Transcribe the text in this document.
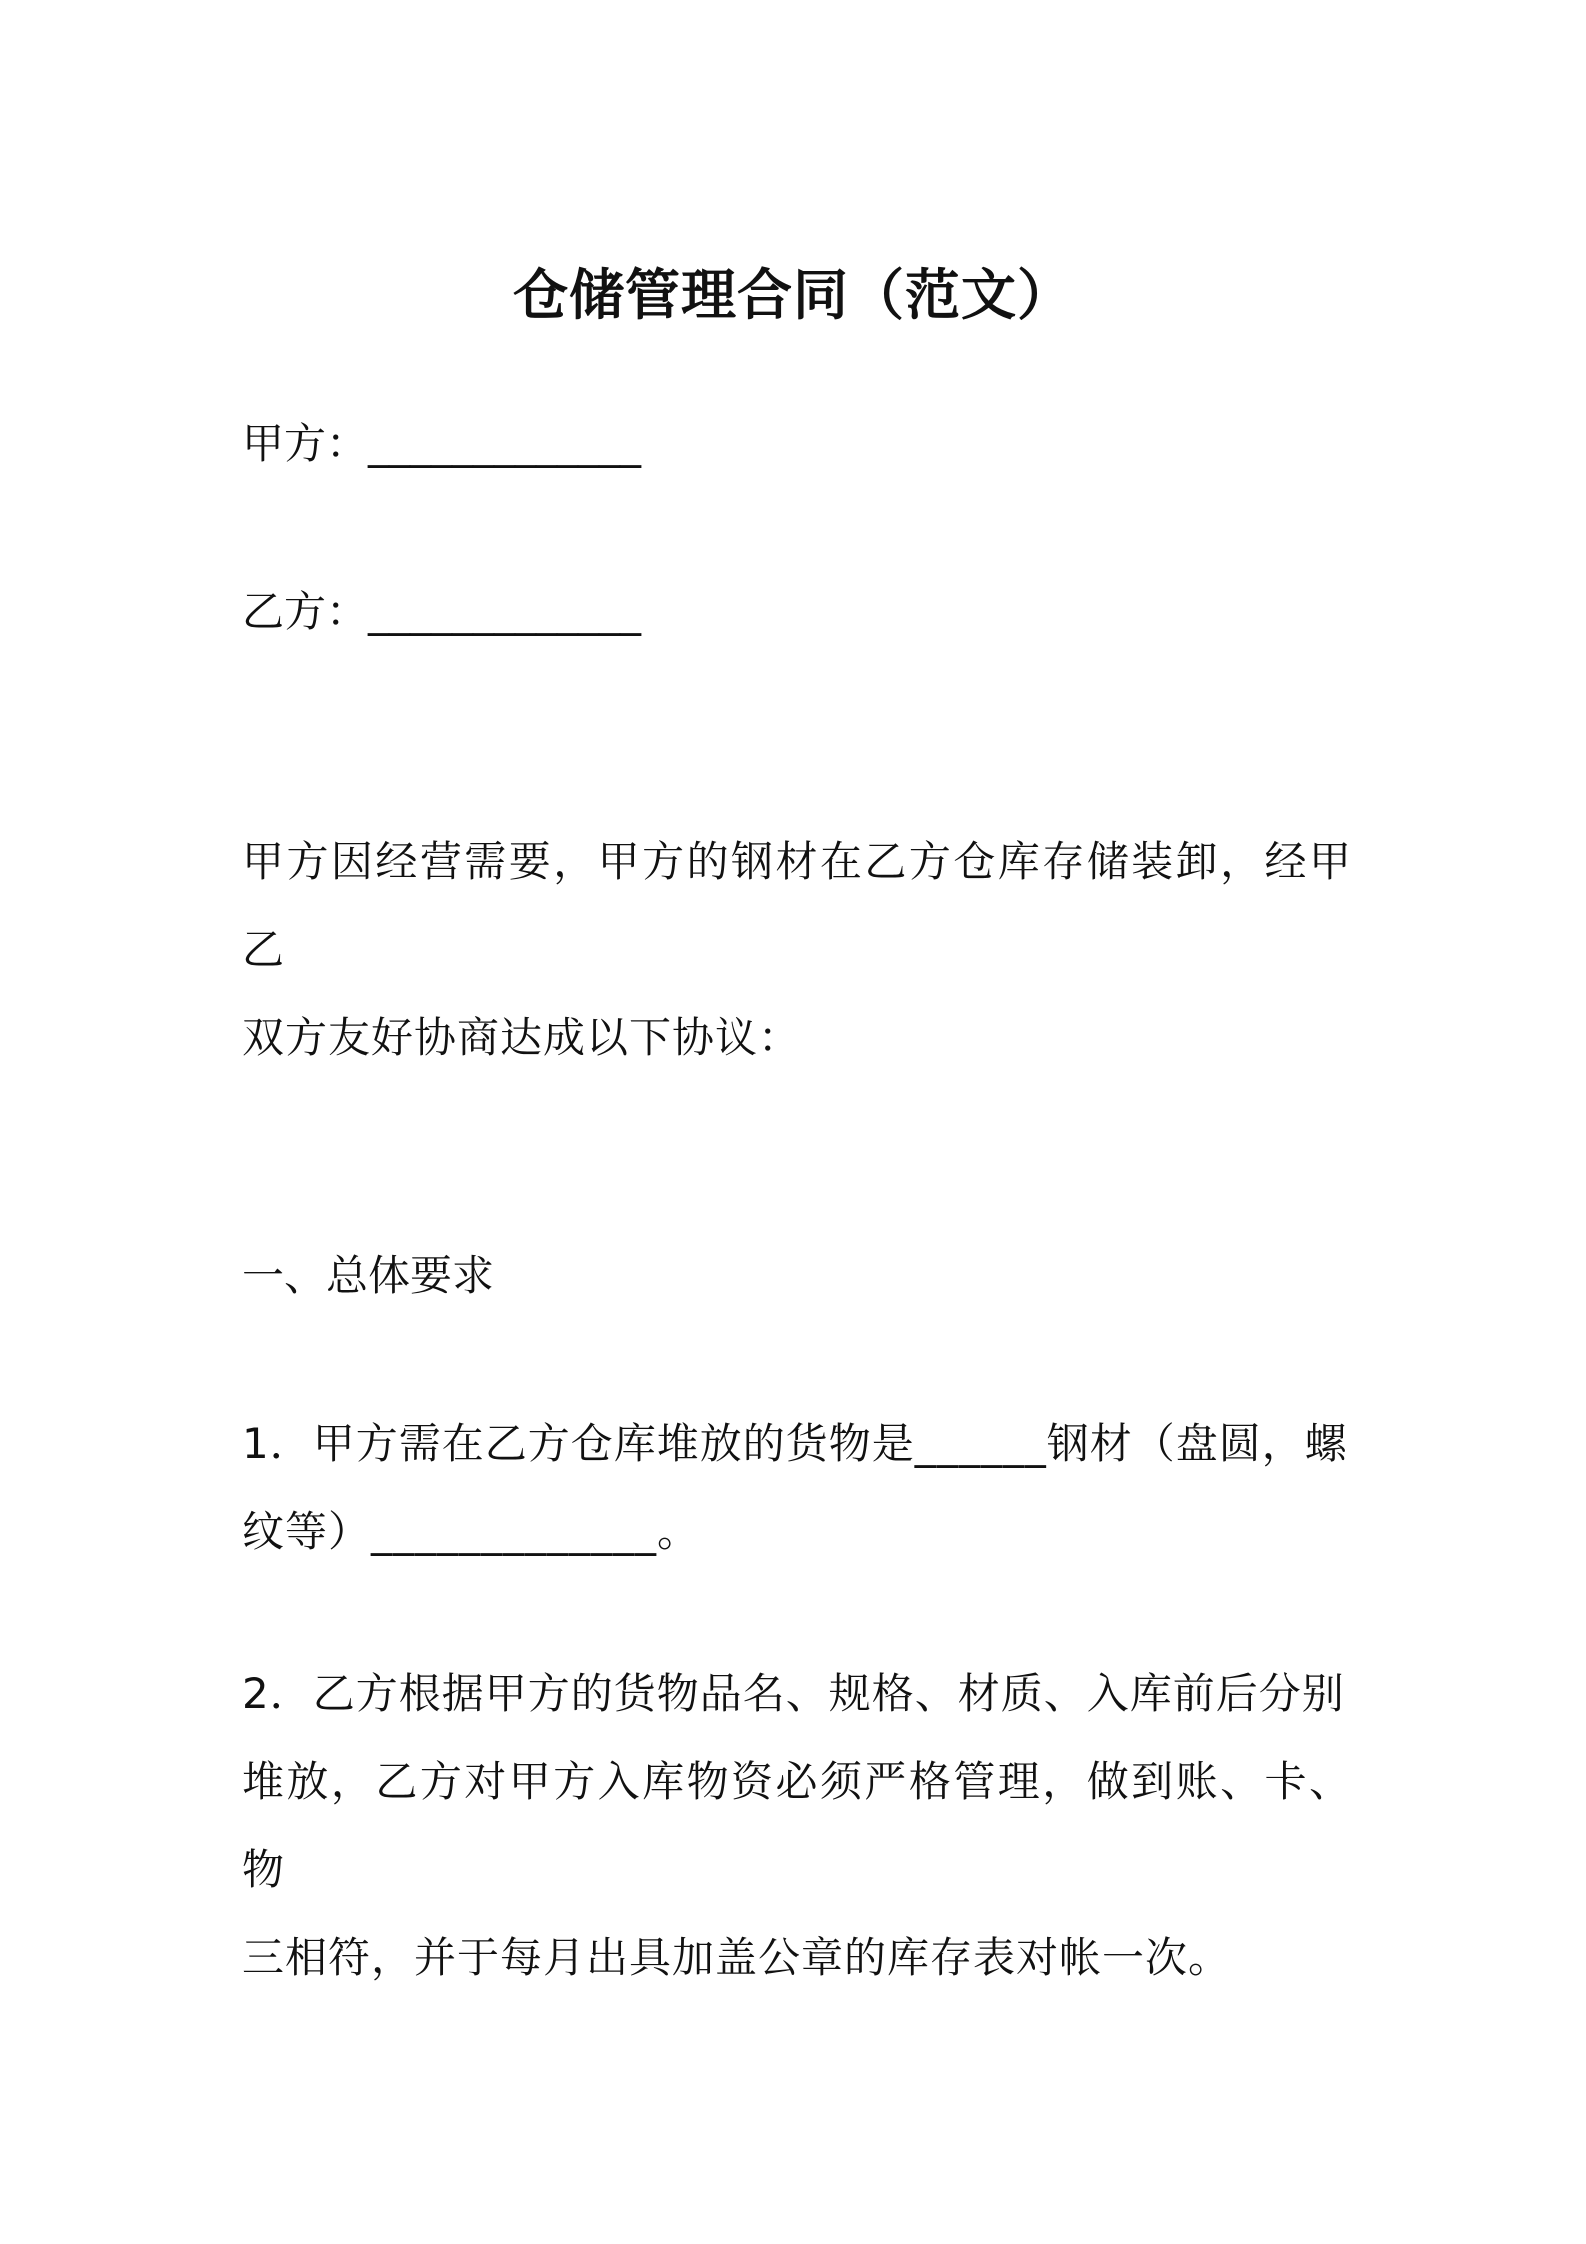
仓储管理合同（范文）
甲方：_____________
乙方：_____________
甲方因经营需要，甲方的钢材在乙方仓库存储装卸，经甲乙
双方友好协商达成以下协议：
一、总体要求
1．甲方需在乙方仓库堆放的货物是______钢材（盘圆，螺
纹等）_____________。
2．乙方根据甲方的货物品名、规格、材质、入库前后分别
堆放，乙方对甲方入库物资必须严格管理，做到账、卡、物
三相符，并于每月出具加盖公章的库存表对帐一次。
